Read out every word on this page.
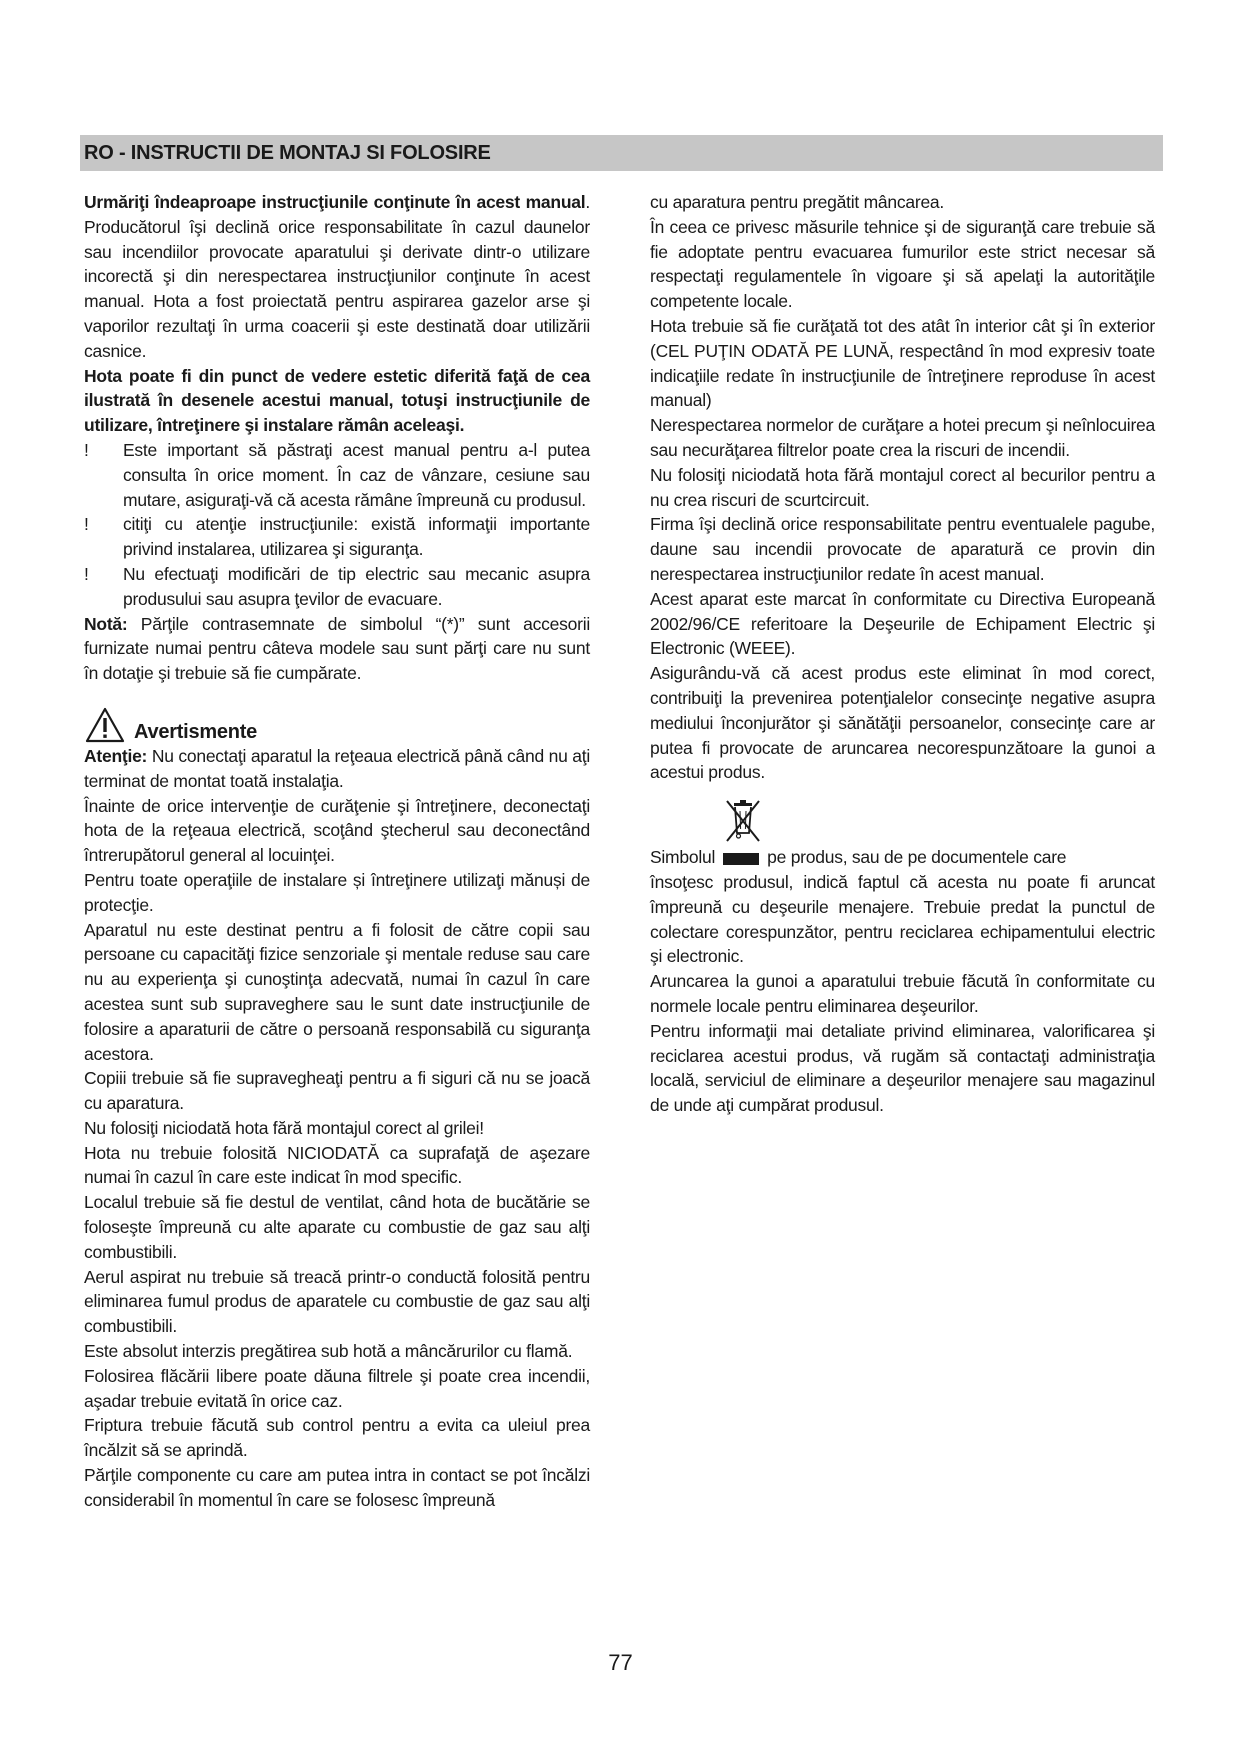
RO - INSTRUCTII DE MONTAJ SI FOLOSIRE

Urmăriţi îndeaproape instrucţiunile conţinute în acest manual. Producătorul îşi declină orice responsabilitate în cazul daunelor sau incendiilor provocate aparatului şi derivate dintr-o utilizare incorectă şi din nerespectarea instrucţiunilor conţinute în acest manual. Hota a fost proiectată pentru aspirarea gazelor arse şi vaporilor rezultaţi în urma coacerii şi este destinată doar utilizării casnice.

Hota poate fi din punct de vedere estetic diferită faţă de cea ilustrată în desenele acestui manual, totuşi instrucţiunile de utilizare, întreţinere şi instalare rămân aceleaşi.

!	Este important să păstraţi acest manual pentru a-l putea consulta în orice moment. În caz de vânzare, cesiune sau mutare, asiguraţi-vă că acesta rămâne împreună cu produsul.
!	citiţi cu atenţie instrucţiunile: există informaţii importante privind instalarea, utilizarea şi siguranţa.
!	Nu efectuaţi modificări de tip electric sau mecanic asupra produsului sau asupra ţevilor de evacuare.

Notă: Părţile contrasemnate de simbolul “(*)” sunt accesorii furnizate numai pentru câteva modele sau sunt părţi care nu sunt în dotaţie şi trebuie să fie cumpărate.

Avertismente

Atenţie: Nu conectaţi aparatul la reţeaua electrică până când nu aţi terminat de montat toată instalaţia.

Înainte de orice intervenţie de curăţenie şi întreţinere, deconectaţi hota de la reţeaua electrică, scoţând ştecherul sau deconectând întrerupătorul general al locuinţei.

Pentru toate operaţiile de instalare și întreţinere utilizaţi mănuși de protecţie.

Aparatul nu este destinat pentru a fi folosit de către copii sau persoane cu capacităţi fizice senzoriale şi mentale reduse sau care nu au experienţa şi cunoştinţa adecvată, numai în cazul în care acestea sunt sub supraveghere sau le sunt date instrucţiunile de folosire a aparaturii de către o persoană responsabilă cu siguranţa acestora.

Copiii trebuie să fie supravegheaţi pentru a fi siguri că nu se joacă cu aparatura.

Nu folosiţi niciodată hota fără montajul corect al grilei!

Hota nu trebuie folosită NICIODATĂ ca suprafaţă de aşezare numai în cazul în care este indicat în mod specific.

Localul trebuie să fie destul de ventilat, când hota de bucătărie se foloseşte împreună cu alte aparate cu combustie de gaz sau alţi combustibili.

Aerul aspirat nu trebuie să treacă printr-o conductă folosită pentru eliminarea fumul produs de aparatele cu combustie de gaz sau alţi combustibili.

Este absolut interzis pregătirea sub hotă a mâncărurilor cu flamă.

Folosirea flăcării libere poate dăuna filtrele şi poate crea incendii, aşadar trebuie evitată în orice caz.

Friptura trebuie făcută sub control pentru a evita ca uleiul prea încălzit să se aprindă.

Părţile componente cu care am putea intra in contact se pot încălzi considerabil în momentul în care se folosesc împreună

cu aparatura pentru pregătit mâncarea.

În ceea ce privesc măsurile tehnice şi de siguranţă care trebuie să fie adoptate pentru evacuarea fumurilor este strict necesar să respectaţi regulamentele în vigoare şi să apelaţi la autorităţile competente locale.

Hota trebuie să fie curăţată tot des atât în interior cât şi în exterior (CEL PUŢIN ODATĂ PE LUNĂ, respectând în mod expresiv toate indicaţiile redate în instrucţiunile de întreţinere reproduse în acest manual)

Nerespectarea normelor de curăţare a hotei precum şi neînlocuirea sau necurăţarea filtrelor poate crea la riscuri de incendii.

Nu folosiţi niciodată hota fără montajul corect al becurilor pentru a nu crea riscuri de scurtcircuit.

Firma îşi declină orice responsabilitate pentru eventualele pagube, daune sau incendii provocate de aparatură ce provin din nerespectarea instrucţiunilor redate în acest manual.

Acest aparat este marcat în conformitate cu Directiva Europeană 2002/96/CE referitoare la Deşeurile de Echipament Electric şi Electronic (WEEE).

Asigurându-vă că acest produs este eliminat în mod corect, contribuiţi la prevenirea potenţialelor consecinţe negative asupra mediului înconjurător şi sănătăţii persoanelor, consecinţe care ar putea fi provocate de aruncarea necorespunzătoare la gunoi a acestui produs.

Simbolul	pe produs, sau de pe documentele care

însoţesc produsul, indică faptul că acesta nu poate fi aruncat împreună cu deşeurile menajere. Trebuie predat la punctul de colectare corespunzător, pentru reciclarea echipamentului electric şi electronic.

Aruncarea la gunoi a aparatului trebuie făcută în conformitate cu normele locale pentru eliminarea deşeurilor.

Pentru informaţii mai detaliate privind eliminarea, valorificarea şi reciclarea acestui produs, vă rugăm să contactaţi administraţia locală, serviciul de eliminare a deşeurilor menajere sau magazinul de unde aţi cumpărat produsul.

77
